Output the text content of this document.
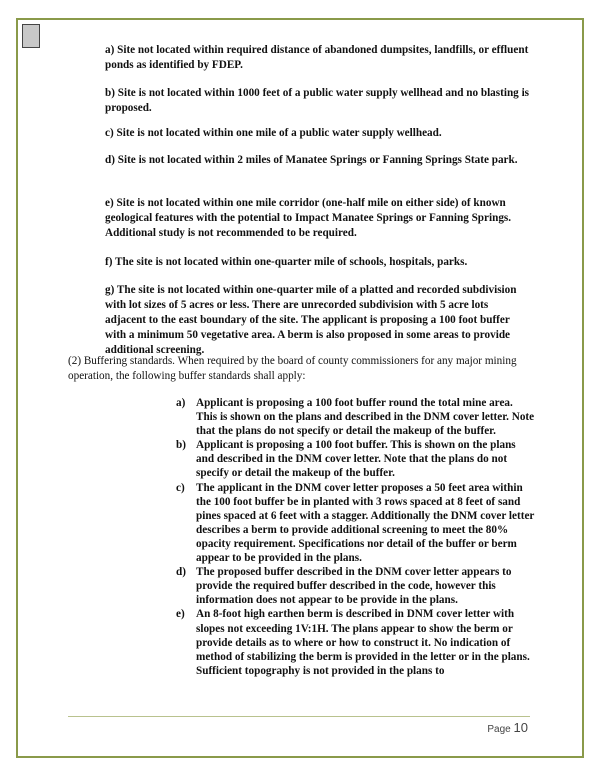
a) Site not located within required distance of abandoned dumpsites, landfills, or effluent ponds as identified by FDEP.

b) Site is not located within 1000 feet of a public water supply wellhead and no blasting is proposed.

c) Site is not located within one mile of a public water supply wellhead.

d) Site is not located within 2 miles of Manatee Springs or Fanning Springs State park.

e) Site is not located within one mile corridor (one-half mile on either side) of known geological features with the potential to Impact Manatee Springs or Fanning Springs. Additional study is not recommended to be required.

f) The site is not located within one-quarter mile of schools, hospitals, parks.

g) The site is not located within one-quarter mile of a platted and recorded subdivision with lot sizes of 5 acres or less. There are unrecorded subdivision with 5 acre lots adjacent to the east boundary of the site. The applicant is proposing a 100 foot buffer with a minimum 50 vegetative area. A berm is also proposed in some areas to provide additional screening.

(2) Buffering standards. When required by the board of county commissioners for any major mining operation, the following buffer standards shall apply:

a) Applicant is proposing a 100 foot buffer round the total mine area. This is shown on the plans and described in the DNM cover letter. Note that the plans do not specify or detail the makeup of the buffer.
b) Applicant is proposing a 100 foot buffer. This is shown on the plans and described in the DNM cover letter. Note that the plans do not specify or detail the makeup of the buffer.
c) The applicant in the DNM cover letter proposes a 50 feet area within the 100 foot buffer be in planted with 3 rows spaced at 8 feet of sand pines spaced at 6 feet with a stagger. Additionally the DNM cover letter describes a berm to provide additional screening to meet the 80% opacity requirement. Specifications nor detail of the buffer or berm appear to be provided in the plans.
d) The proposed buffer described in the DNM cover letter appears to provide the required buffer described in the code, however this information does not appear to be provide in the plans.
e) An 8-foot high earthen berm is described in DNM cover letter with slopes not exceeding 1V:1H. The plans appear to show the berm or provide details as to where or how to construct it. No indication of method of stabilizing the berm is provided in the letter or in the plans. Sufficient topography is not provided in the plans to
Page 10
